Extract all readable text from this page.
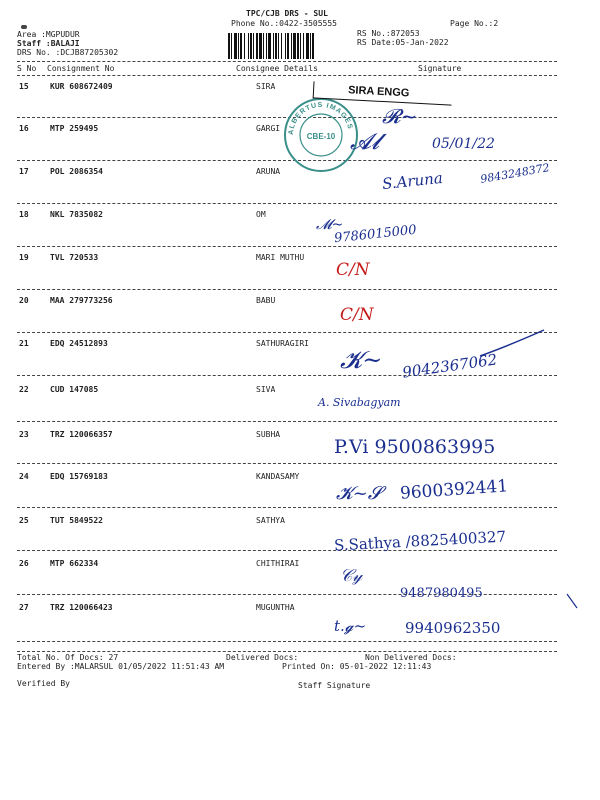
TPC/CJB DRS - SUL
Phone No.:0422-3505555	Page No.:2
Area :MGPUDUR
Staff :BALAJI
DRS No. :DCJB87205302
RS No.:872053
RS Date:05-Jan-2022
S No Consignment No	Consignee Details	Signature
15	KUR 608672409	SIRA
16	MTP 259495	GARGI
17	POL 2086354	ARUNA
18	NKL 7835082	OM
19	TVL 720533	MARI MUTHU
20	MAA 279773256	BABU
21	EDQ 24512893	SATHURAGIRI
22	CUD 147085	SIVA
23	TRZ 120066357	SUBHA
24	EDQ 15769183	KANDASAMY
25	TUT 5849522	SATHYA
26	MTP 662334	CHITHIRAI
27	TRZ 120066423	MUGUNTHA
ALBERTUS IMAGES
CBE-10
SIRA ENGG
𝓡~
𝓐𝓵	05/01/22
S.Aruna	9843248372
𝓜~
9786015000
C/N
C/N
𝓚~ 9042367062
A. Sivabagyam
P.Vi 9500863995
𝓚~𝓢 9600392441
S.Sathya /8825400327
𝒞𝓎
9487980495
t.𝓰~	9940962350
Total No. Of Docs: 27	Delivered Docs:	Non Delivered Docs:
Entered By :MALARSUL 01/05/2022 11:51:43 AM	Printed On: 05-01-2022 12:11:43
Verified By	Staff Signature
